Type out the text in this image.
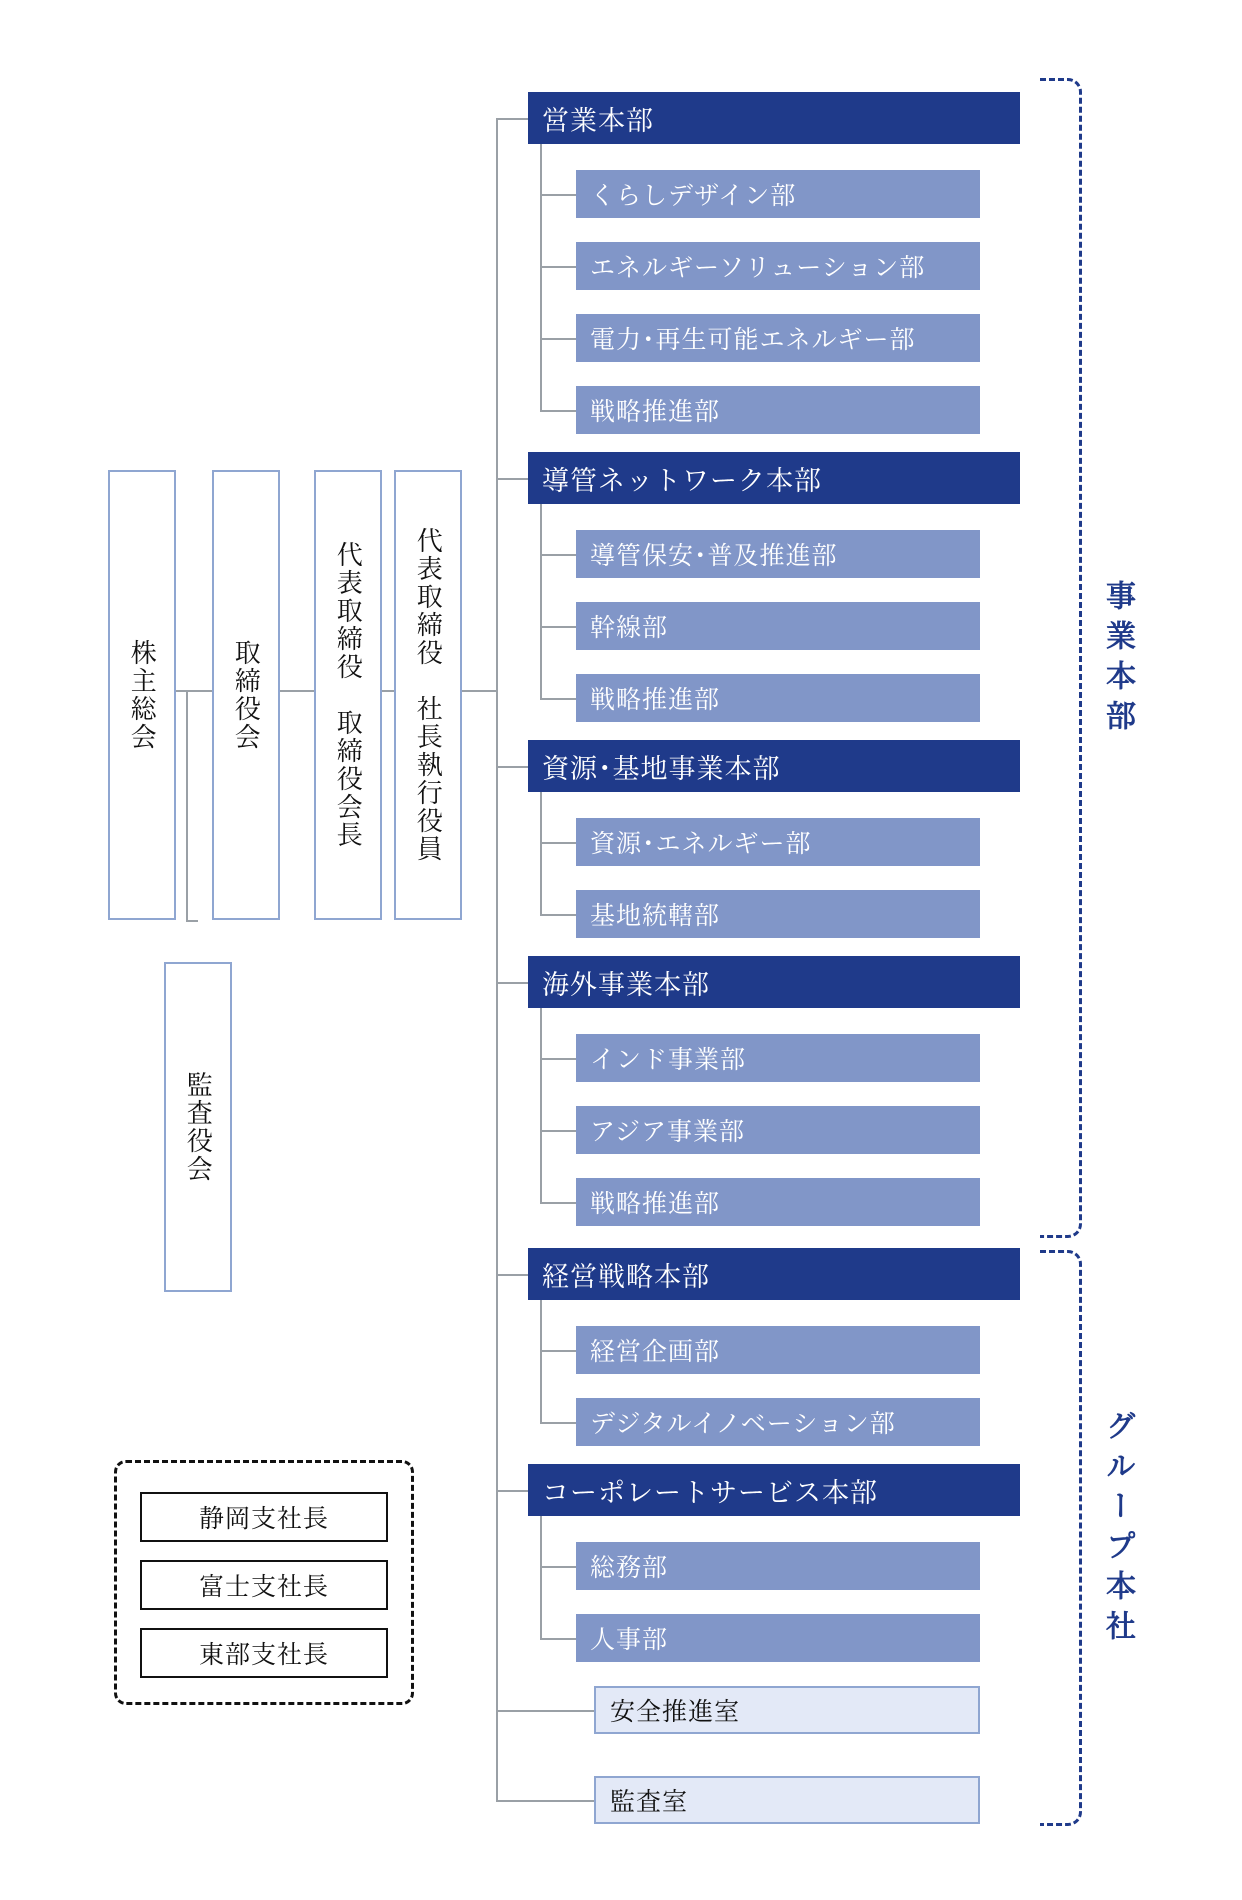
株主総会	取締役会	代表取締役　取締役会長 代表取締役　社長執行役員
監査役会
静岡支社長
富士支社長
東部支社長
営業本部
くらしデザイン部
エネルギーソリューション部
電力･再生可能エネルギー部
戦略推進部
導管ネットワーク本部
導管保安･普及推進部
幹線部
戦略推進部
資源･基地事業本部
資源･エネルギー部
基地統轄部
海外事業本部
インド事業部
アジア事業部
戦略推進部
経営戦略本部
経営企画部
デジタルイノベーション部
コーポレートサービス本部
総務部
人事部
安全推進室
監査室
事業本部
グループ本社
